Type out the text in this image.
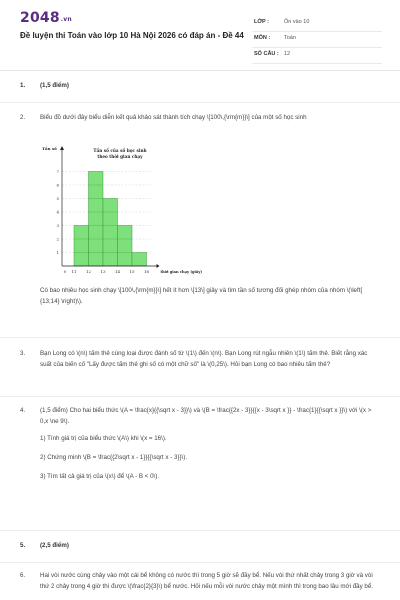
2048.vn
Đề luyện thi Toán vào lớp 10 Hà Nội 2026 có đáp án - Đề 44
LỚP :	Ôn vào 10
MÔN :	Toán
SỐ CÂU : 12
1.	(1,5 điểm)
2.	Biểu đồ dưới đây biểu diễn kết quả khảo sát thành tích chạy \[100\,{\rm{m}}\] của một số học sinh
1
2
3
4
5
6
7
0 11 12 13 14 15 16
Tần số
thời gian chạy (giây)
Tần số của số học sinh
theo thời gian chạy
Có bao nhiêu học sinh chạy \[100\,{\rm{m}}\] hết ít hơn \[13\] giây và tìm tần số tương đối ghép nhóm của nhóm \(\left[ {13;14} \right)\).
3.	Bạn Long có \(n\) tấm thẻ cùng loại được đánh số từ \(1\) đến \(n\). Bạn Long rút ngẫu nhiên \(1\) tấm thẻ. Biết rằng xác suất của biến cố "Lấy được tấm thẻ ghi số có một chữ số" là \(0,25\). Hỏi bạn Long có bao nhiêu tấm thẻ?
4.	(1,5 điểm) Cho hai biểu thức \(A = \frac{x}{{\sqrt x - 3}}\) và \(B = \frac{{2x - 3}}{{x - 3\sqrt x }} - \frac{1}{{\sqrt x }}\) với \(x > 0,x \ne 9\).
1) Tính giá trị của biểu thức \(A\) khi \(x = 16\).
2) Chứng minh \(B = \frac{{2\sqrt x - 1}}{{\sqrt x - 3}}\).
3) Tìm tất cả giá trị của \(x\) để \(A - B < 0\).
5.	(2,5 điểm)
6.	Hai vòi nước cùng chảy vào một cái bể không có nước thì trong 5 giờ sẽ đầy bể. Nếu vòi thứ nhất chảy trong 3 giờ và vòi thứ 2 chảy trong 4 giờ thì được \(\frac{2}{3}\) bể nước. Hỏi nếu mỗi vòi nước chảy một mình thì trong bao lâu mới đầy bể.
